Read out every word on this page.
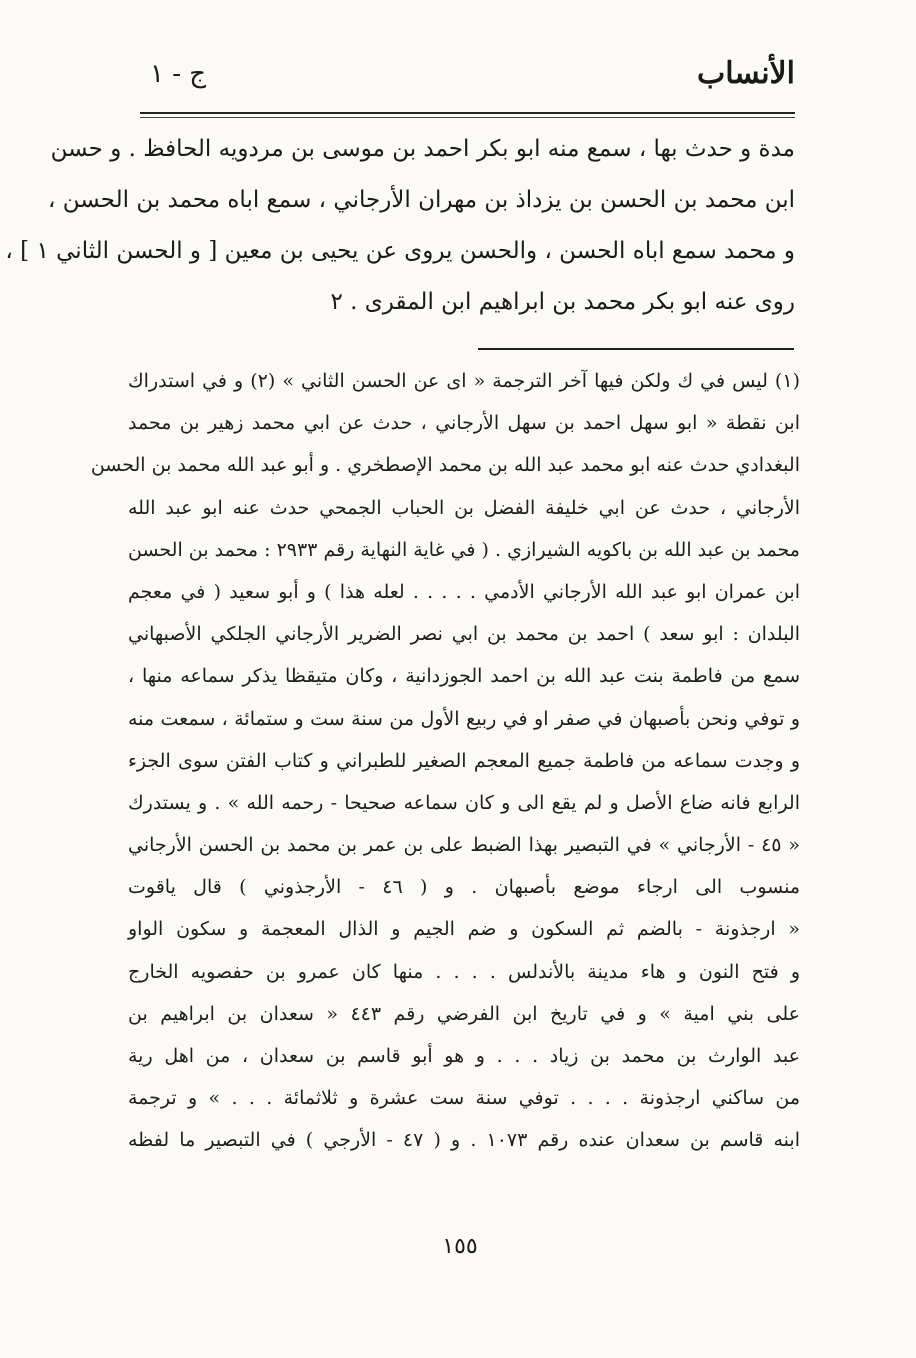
الأنساب
ج - ١
مدة و حدث بها ، سمع منه ابو بكر احمد بن موسى بن مردويه الحافظ . و حسن
ابن محمد بن الحسن بن يزداذ بن مهران الأرجاني ، سمع اباه محمد بن الحسن ،
و محمد سمع اباه الحسن ، والحسن يروى عن يحيى بن معين [ و الحسن الثاني ١ ] ،
روى عنه ابو بكر محمد بن ابراهيم ابن المقرى . ٢
(١) ليس في ك ولكن فيها آخر الترجمة « اى عن الحسن الثاني » (٢) و في استدراك
ابن نقطة « ابو سهل احمد بن سهل الأرجاني ، حدث عن ابي محمد زهير بن محمد
البغدادي حدث عنه ابو محمد عبد الله بن محمد الإصطخري . و أبو عبد الله محمد بن الحسن
الأرجاني ، حدث عن ابي خليفة الفضل بن الحباب الجمحي حدث عنه ابو عبد الله
محمد بن عبد الله بن باكويه الشيرازي . ( في غاية النهاية رقم ٢٩٣٣ : محمد بن الحسن
ابن عمران ابو عبد الله الأرجاني الأدمي . . . . . لعله هذا ) و أبو سعيد ( في معجم
البلدان : ابو سعد ) احمد بن محمد بن ابي نصر الضرير الأرجاني الجلكي الأصبهاني
سمع من فاطمة بنت عبد الله بن احمد الجوزدانية ، وكان متيقظا يذكر سماعه منها ،
و توفي ونحن بأصبهان في صفر او في ربيع الأول من سنة ست و ستمائة ، سمعت منه
و وجدت سماعه من فاطمة جميع المعجم الصغير للطبراني و كتاب الفتن سوى الجزء
الرابع فانه ضاع الأصل و لم يقع الى و كان سماعه صحيحا - رحمه الله » . و يستدرك
« ٤٥ - الأرجاني » في التبصير بهذا الضبط على بن عمر بن محمد بن الحسن الأرجاني
منسوب الى ارجاء موضع بأصبهان . و ( ٤٦ - الأرجذوني ) قال ياقوت
« ارجذونة - بالضم ثم السكون و ضم الجيم و الذال المعجمة و سكون الواو
و فتح النون و هاء مدينة بالأندلس . . . . منها كان عمرو بن حفصويه الخارج
على بني امية » و في تاريخ ابن الفرضي رقم ٤٤٣ « سعدان بن ابراهيم بن
عبد الوارث بن محمد بن زياد . . . و هو أبو قاسم بن سعدان ، من اهل رية
من ساكني ارجذونة . . . . توفي سنة ست عشرة و ثلاثمائة . . . » و ترجمة
ابنه قاسم بن سعدان عنده رقم ١٠٧٣ . و ( ٤٧ - الأرجي ) في التبصير ما لفظه
١٥٥
